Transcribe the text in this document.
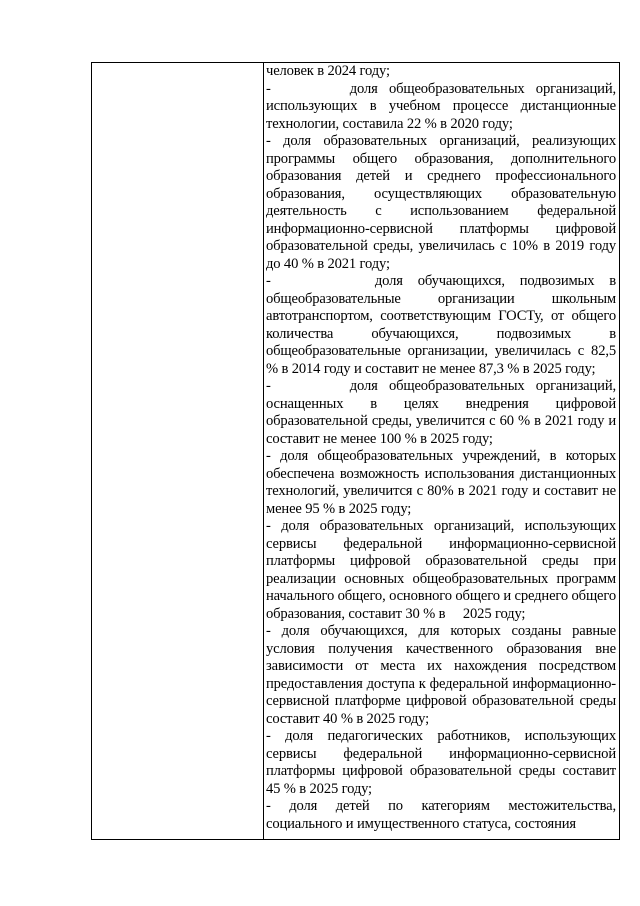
человек в 2024 году;

-       доля общеобразовательных организаций, использующих в учебном процессе дистанционные технологии, составила 22 % в 2020 году;

- доля образовательных организаций, реализующих программы общего образования, дополнительного образования детей и среднего профессионального образования, осуществляющих образовательную деятельность с использованием федеральной информационно-сервисной платформы цифровой образовательной среды, увеличилась с 10% в 2019 году до 40 % в 2021 году;

-       доля обучающихся, подвозимых в общеобразовательные организации школьным автотранспортом, соответствующим ГОСТу, от общего количества обучающихся, подвозимых в общеобразовательные организации, увеличилась с 82,5 % в 2014 году и составит не менее 87,3 % в 2025 году;

-       доля общеобразовательных организаций, оснащенных в целях внедрения цифровой образовательной среды, увеличится с 60 % в 2021 году и составит не менее 100 % в 2025 году;

- доля общеобразовательных учреждений, в которых обеспечена возможность использования дистанционных технологий, увеличится с 80% в 2021 году и составит не менее 95 % в 2025 году;

- доля образовательных организаций, использующих сервисы федеральной информационно-сервисной платформы цифровой образовательной среды при реализации основных общеобразовательных программ начального общего, основного общего и среднего общего образования, составит 30 % в     2025 году;

- доля обучающихся, для которых созданы равные условия получения качественного образования вне зависимости от места их нахождения посредством предоставления доступа к федеральной информационно-сервисной платформе цифровой образовательной среды составит 40 % в 2025 году;

- доля педагогических работников, использующих сервисы федеральной информационно-сервисной платформы цифровой образовательной среды составит 45 % в 2025 году;

- доля детей по категориям местожительства, социального и имущественного статуса, состояния
